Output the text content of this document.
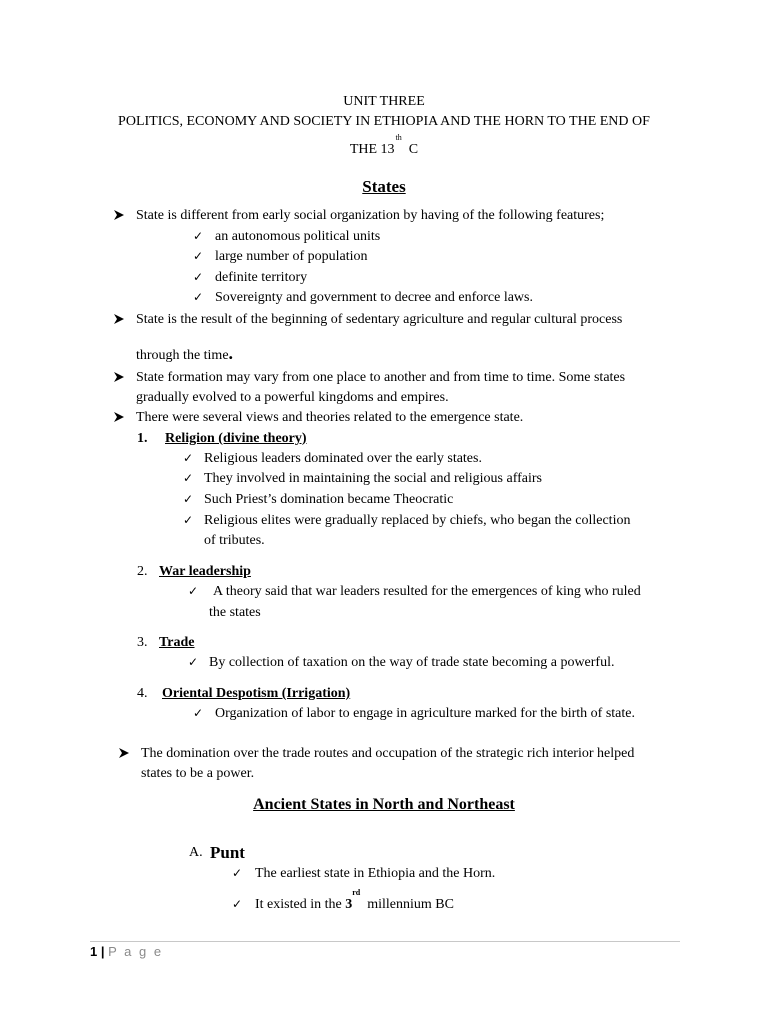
UNIT THREE
POLITICS, ECONOMY AND SOCIETY IN ETHIOPIA AND THE HORN TO THE END OF
THE 13th  C
States
State is different from early social organization by having of the following features;
✓ an autonomous political units
✓ large number of population
✓ definite territory
✓ Sovereignty and government to decree and enforce laws.
State is the result of the beginning of sedentary agriculture and regular cultural process
through the time.
State formation may vary from one place to another and from time to time. Some states
gradually evolved to a powerful kingdoms and empires.
There were several views and theories related to the emergence state.
1. Religion (divine theory)
✓ Religious leaders dominated over the early states.
✓ They involved in maintaining the social and religious affairs
✓ Such Priest’s domination became Theocratic
✓ Religious elites were gradually replaced by chiefs, who began the collection
of tributes.
2. War leadership
✓ A theory said that war leaders resulted for the emergences of king who ruled
the states
3. Trade
✓ By collection of taxation on the way of trade state becoming a powerful.
4. Oriental Despotism (Irrigation)
✓ Organization of labor to engage in agriculture marked for the birth of state.
The domination over the trade routes and occupation of the strategic rich interior helped
states to be a power.
Ancient States in North and Northeast
A. Punt
✓ The earliest state in Ethiopia and the Horn.
✓ It existed in the 3rd  millennium BC
1 | P a g e
